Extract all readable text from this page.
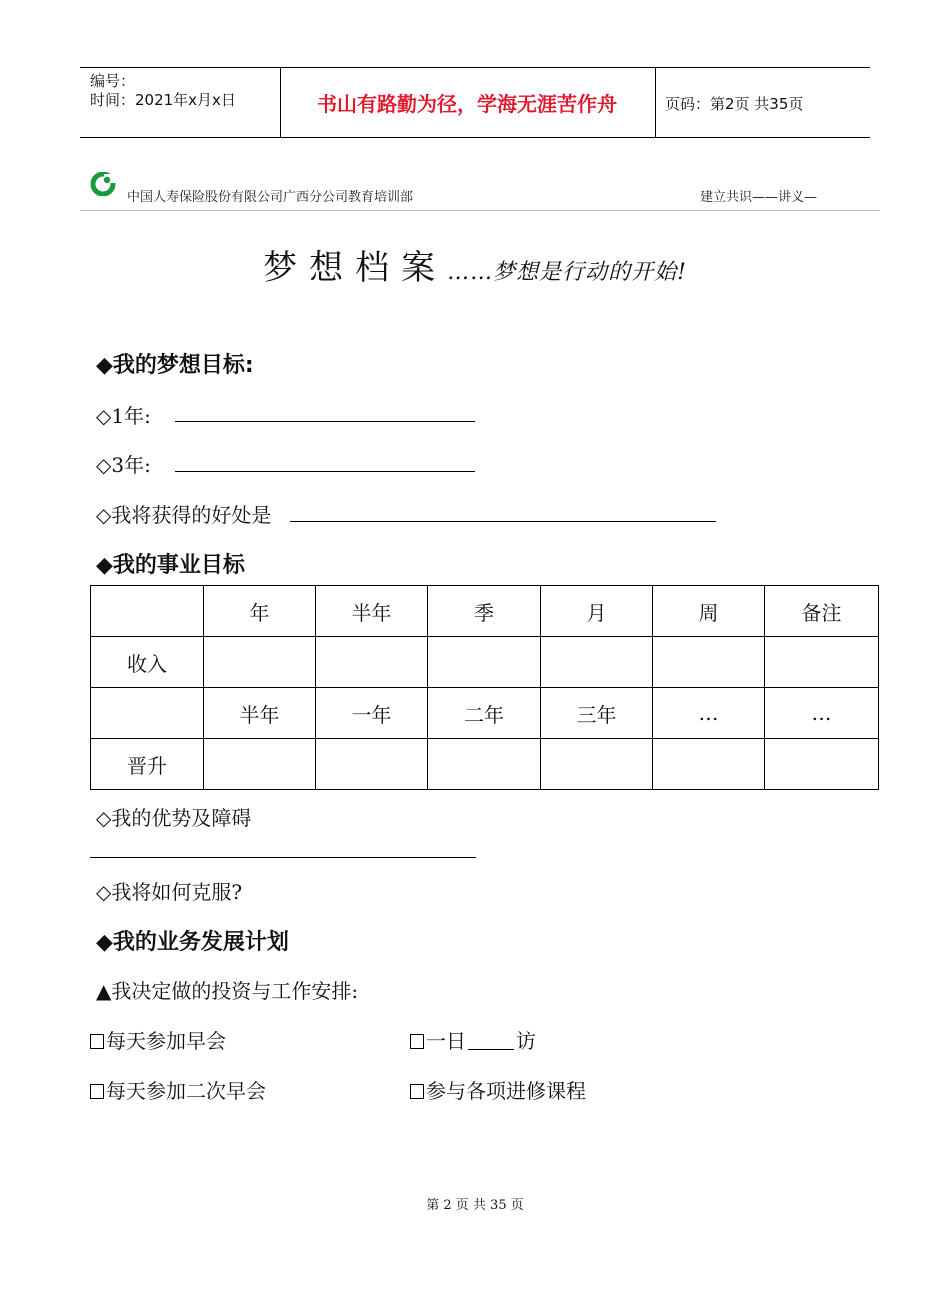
编号：
时间：2021年x月x日	书山有路勤为径，学海无涯苦作舟	页码：第2页 共35页
中国人寿保险股份有限公司广西分公司教育培训部	建立共识——讲义—
梦想档案……梦想是行动的开始!
◆我的梦想目标:
◇1年:
◇3年:
◇我将获得的好处是
◆我的事业目标
	年	半年	季	月	周	备注
收入						
	半年	一年	二年	三年	…	…
晋升						
◇我的优势及障碍
◇我将如何克服?
◆我的业务发展计划
▲我决定做的投资与工作安排:
每天参加早会	一日	访
每天参加二次早会	参与各项进修课程
第 2 页 共 35 页
